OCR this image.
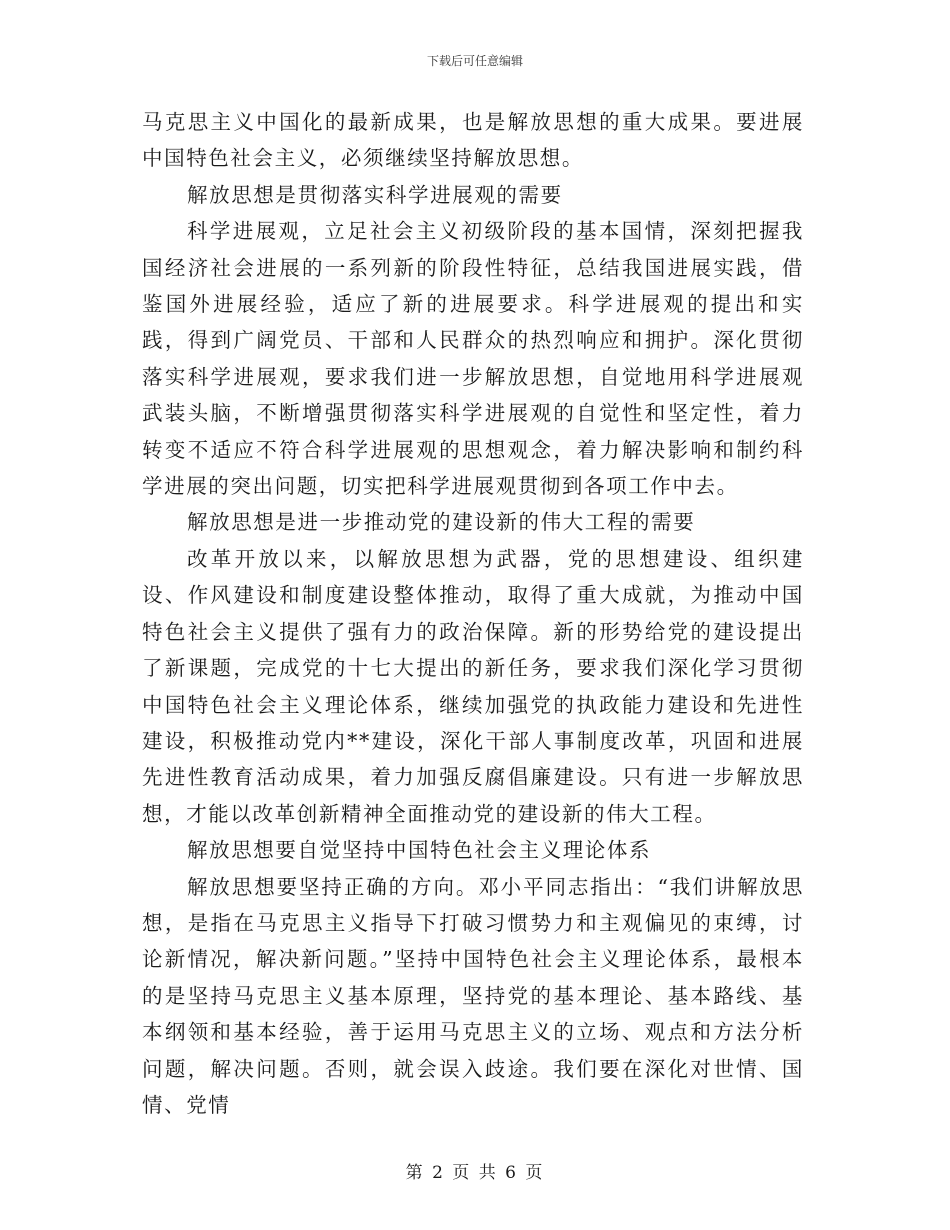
下载后可任意编辑

马克思主义中国化的最新成果，也是解放思想的重大成果。要进展中国特色社会主义，必须继续坚持解放思想。

解放思想是贯彻落实科学进展观的需要

科学进展观，立足社会主义初级阶段的基本国情，深刻把握我国经济社会进展的一系列新的阶段性特征，总结我国进展实践，借鉴国外进展经验，适应了新的进展要求。科学进展观的提出和实践，得到广阔党员、干部和人民群众的热烈响应和拥护。深化贯彻落实科学进展观，要求我们进一步解放思想，自觉地用科学进展观武装头脑，不断增强贯彻落实科学进展观的自觉性和坚定性，着力转变不适应不符合科学进展观的思想观念，着力解决影响和制约科学进展的突出问题，切实把科学进展观贯彻到各项工作中去。

解放思想是进一步推动党的建设新的伟大工程的需要

改革开放以来，以解放思想为武器，党的思想建设、组织建设、作风建设和制度建设整体推动，取得了重大成就，为推动中国特色社会主义提供了强有力的政治保障。新的形势给党的建设提出了新课题，完成党的十七大提出的新任务，要求我们深化学习贯彻中国特色社会主义理论体系，继续加强党的执政能力建设和先进性建设，积极推动党内**建设，深化干部人事制度改革，巩固和进展先进性教育活动成果，着力加强反腐倡廉建设。只有进一步解放思想，才能以改革创新精神全面推动党的建设新的伟大工程。

解放思想要自觉坚持中国特色社会主义理论体系

解放思想要坚持正确的方向。邓小平同志指出：“我们讲解放思想，是指在马克思主义指导下打破习惯势力和主观偏见的束缚，讨论新情况，解决新问题。”坚持中国特色社会主义理论体系，最根本的是坚持马克思主义基本原理，坚持党的基本理论、基本路线、基本纲领和基本经验，善于运用马克思主义的立场、观点和方法分析问题，解决问题。否则，就会误入歧途。我们要在深化对世情、国情、党情

第 2 页 共 6 页
